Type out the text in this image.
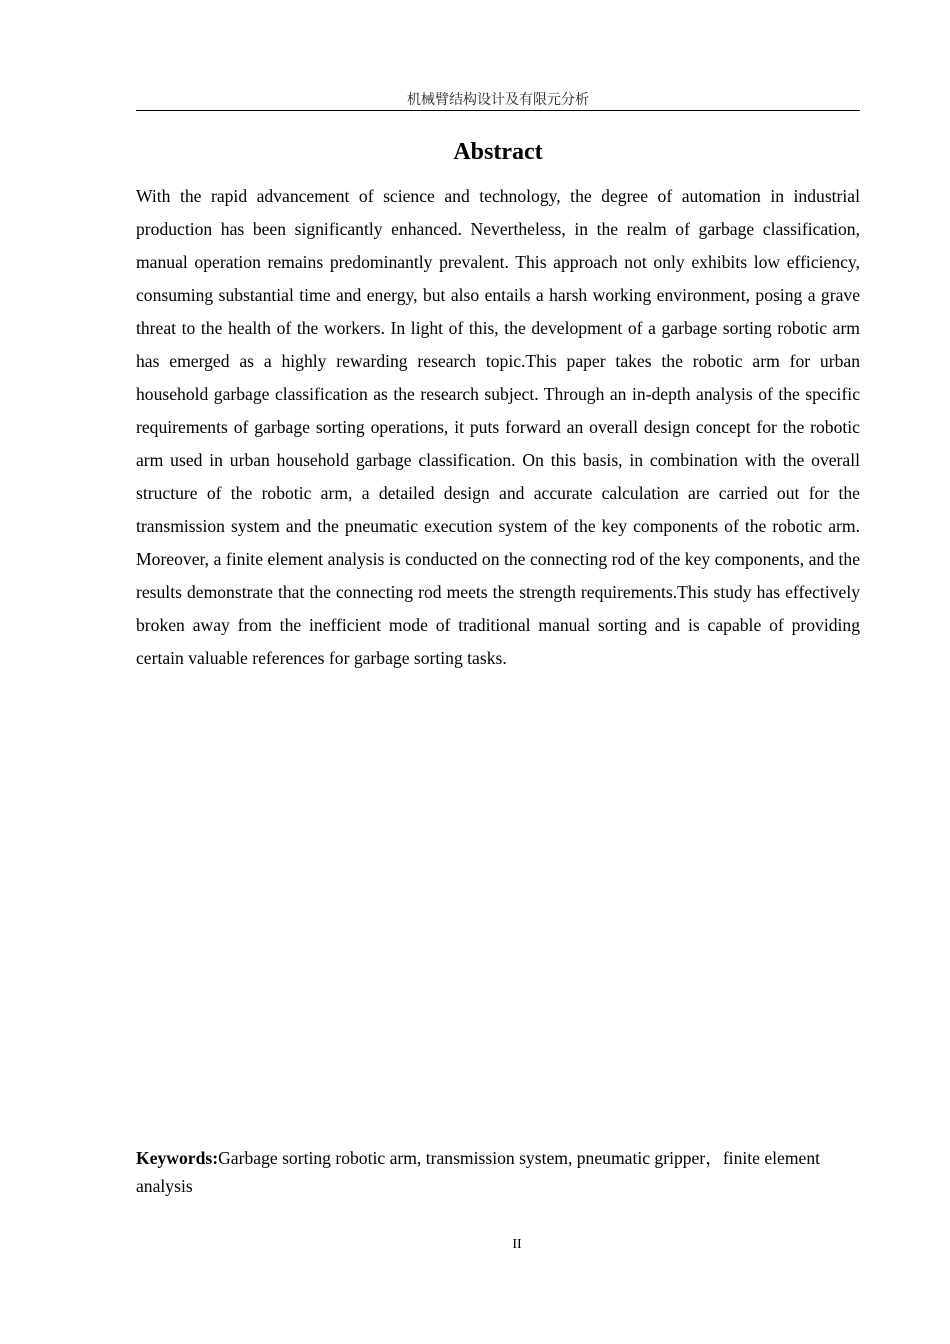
机械臂结构设计及有限元分析
Abstract

With the rapid advancement of science and technology, the degree of automation in industrial production has been significantly enhanced. Nevertheless, in the realm of garbage classification, manual operation remains predominantly prevalent. This approach not only exhibits low efficiency, consuming substantial time and energy, but also entails a harsh working environment, posing a grave threat to the health of the workers. In light of this, the development of a garbage sorting robotic arm has emerged as a highly rewarding research topic.This paper takes the robotic arm for urban household garbage classification as the research subject. Through an in-depth analysis of the specific requirements of garbage sorting operations, it puts forward an overall design concept for the robotic arm used in urban household garbage classification. On this basis, in combination with the overall structure of the robotic arm, a detailed design and accurate calculation are carried out for the transmission system and the pneumatic execution system of the key components of the robotic arm. Moreover, a finite element analysis is conducted on the connecting rod of the key components, and the results demonstrate that the connecting rod meets the strength requirements.This study has effectively broken away from the inefficient mode of traditional manual sorting and is capable of providing certain valuable references for garbage sorting tasks.

Keywords:Garbage sorting robotic arm, transmission system, pneumatic gripper，finite element analysis

II
